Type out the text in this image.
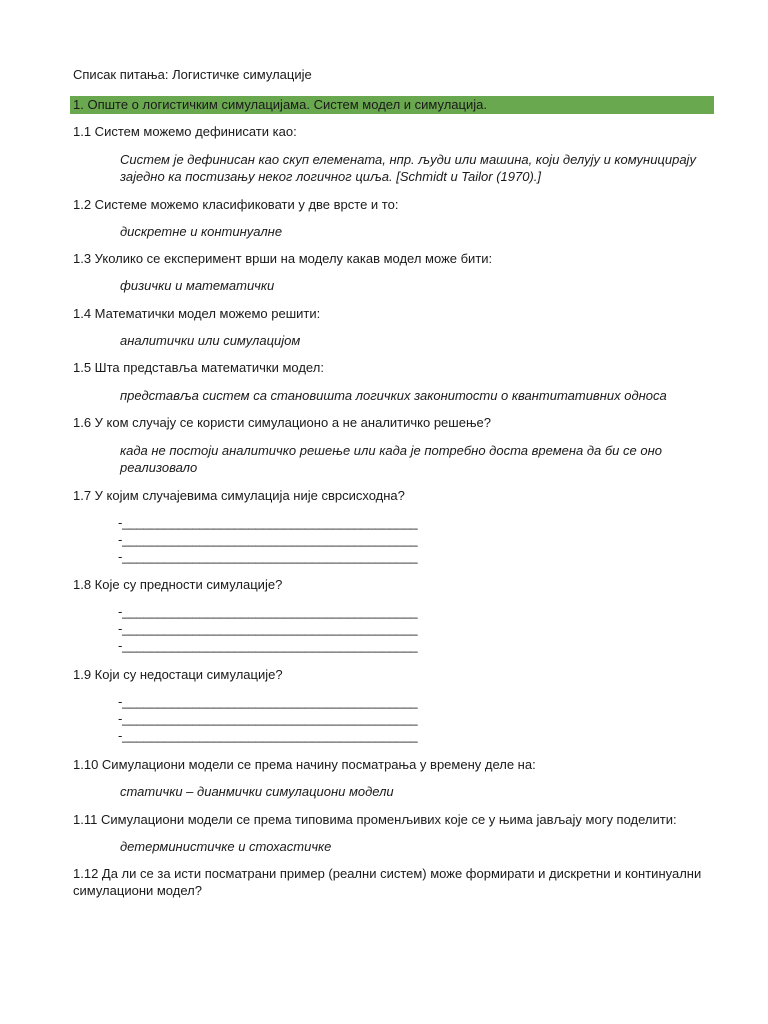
Списак питања: Логистичке симулације
1. Опште о логистичким симулацијама. Систем модел и симулација.
1.1 Систем можемо дефинисати као:
Систем је дефинисан као скуп елемената, нпр. људи или машина, који делују и комуницирају
заједно ка постизању неког логичног циља. [Schmidt u Tailor (1970).]
1.2 Системе можемо класификовати у две врсте и то:
дискретне и континуалне
1.3 Уколико се експеримент врши на моделу какав модел може бити:
физички и математички
1.4 Математички модел можемо решити:
аналитички или симулацијом
1.5 Шта представља математички модел:
представља систем са становишта логичких законитости о квантитативних односа
1.6 У ком случају се користи симулационо а не аналитичко решење?
када не постоји аналитичко решење или када је потребно доста времена да би се оно
реализовало
1.7 У којим случајевима симулација није сврсисходна?
-__________________________________________
-__________________________________________
-__________________________________________
1.8 Које су предности симулације?
-__________________________________________
-__________________________________________
-__________________________________________
1.9 Који су недостаци симулације?
-__________________________________________
-__________________________________________
-__________________________________________
1.10 Симулациони модели се према начину посматрања у времену деле на:
статички – дианмички симулациони модели
1.11 Симулациони модели се према типовима променљивих које се у њима јављају могу поделити:
детерминистичке и стохастичке
1.12 Да ли се за исти посматрани пример (реални систем) може формирати и дискретни и континуални
симулациони модел?
